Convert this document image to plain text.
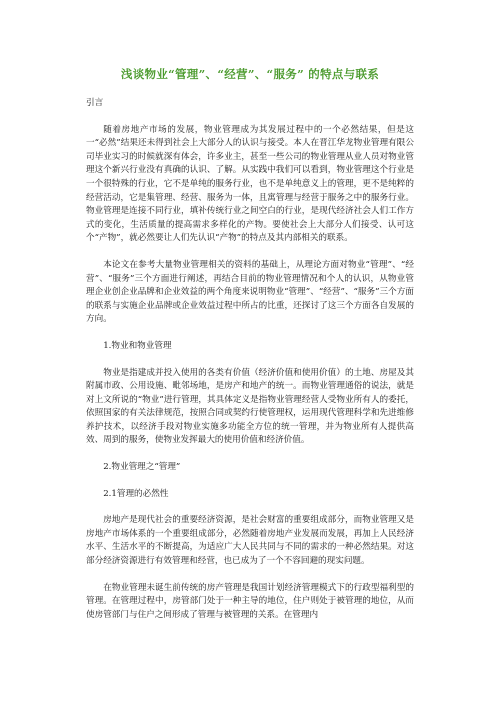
浅谈物业“管理”、“经营”、“服务” 的特点与联系

引言

随着房地产市场的发展，物业管理成为其发展过程中的一个必然结果，但是这一“必然”结果还未得到社会上大部分人的认识与接受。本人在晋江华龙物业管理有限公司毕业实习的时候就深有体会，许多业主，甚至一些公司的物业管理从业人员对物业管理这个新兴行业没有真确的认识、了解。从实践中我们可以看到，物业管理这个行业是一个很特殊的行业，它不是单纯的服务行业，也不是单纯意义上的管理，更不是纯粹的经营活动，它是集管理、经营、服务为一体，且寓管理与经营于服务之中的服务行业。物业管理是连接不同行业，填补传统行业之间空白的行业，是现代经济社会人们工作方式的变化，生活质量的提高需求多样化的产物。要使社会上大部分人们接受、认可这个“产物”，就必然要让人们先认识“产物”的特点及其内部相关的联系。

本论文在参考大量物业管理相关的资料的基础上，从理论方面对物业“管理”、“经营”、“服务”三个方面进行阐述，再结合目前的物业管理情况和个人的认识，从物业管理企业创企业品牌和企业效益的两个角度来说明物业“管理”、“经营”、“服务”三个方面的联系与实施企业品牌或企业效益过程中所占的比重，还探讨了这三个方面各自发展的方向。

1.物业和物业管理

物业是指建成并投入使用的各类有价值（经济价值和使用价值）的土地、房屋及其附属市政、公用设施、毗邻场地，是房产和地产的统一。而物业管理通俗的说法，就是对上文所说的“物业”进行管理，其具体定义是指物业管理经营人受物业所有人的委托，依照国家的有关法律规范，按照合同或契约行使管理权，运用现代管理科学和先进维修养护技术，以经济手段对物业实施多功能全方位的统一管理，并为物业所有人提供高效、周到的服务，使物业发挥最大的使用价值和经济价值。

2.物业管理之“管理”

2.1管理的必然性

房地产是现代社会的重要经济资源，是社会财富的重要组成部分，而物业管理又是房地产市场体系的一个重要组成部分，必然随着房地产业发展而发展，再加上人民经济水平、生活水平的不断提高，为适应广大人民共同与不同的需求的一种必然结果。对这部分经济资源进行有效管理和经营，也已成为了一个不容回避的现实问题。

在物业管理未诞生前传统的房产管理是我国计划经济管理模式下的行政型福利型的管理。在管理过程中，房管部门处于一种主导的地位，住户则处于被管理的地位，从而使房管部门与住户之间形成了管理与被管理的关系。在管理内
